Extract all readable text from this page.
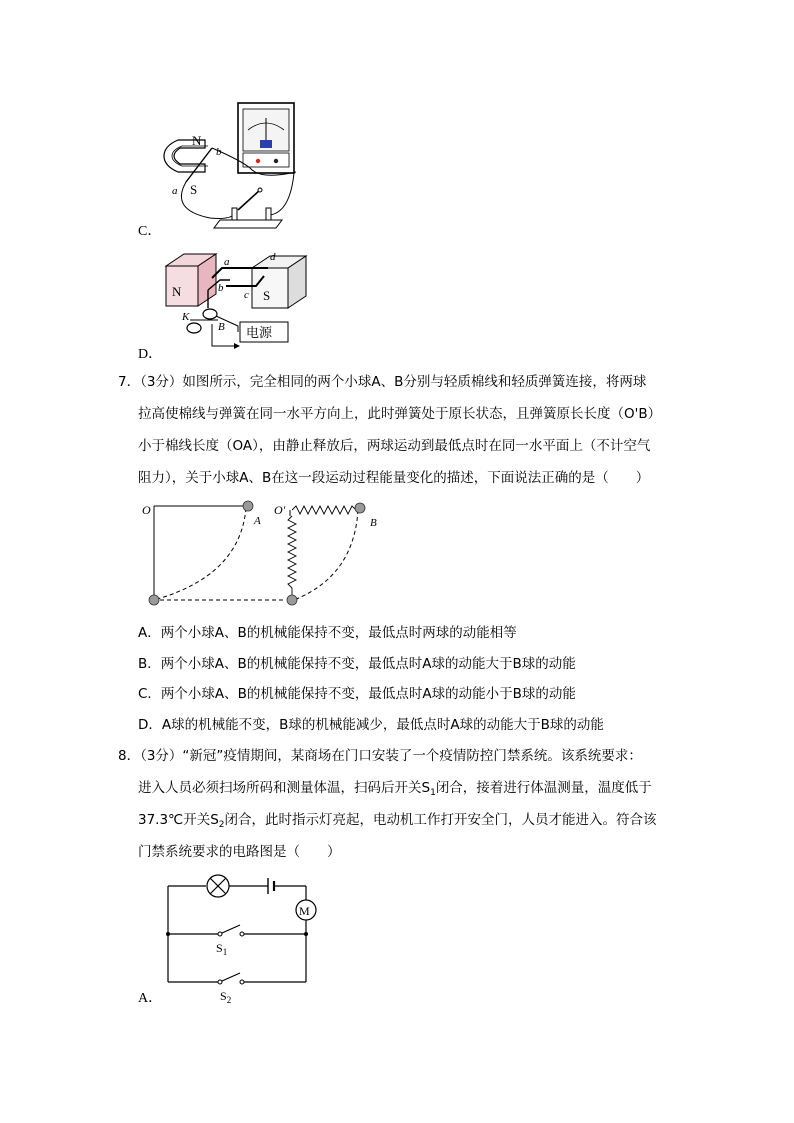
N
S
b
a
C．
电源
N	S
a	d
b
c
K
B
D．
7．（3分）如图所示，完全相同的两个小球A、B分别与轻质棉线和轻质弹簧连接，将两球
拉高使棉线与弹簧在同一水平方向上，此时弹簧处于原长状态，且弹簧原长长度（O'B）
小于棉线长度（OA），由静止释放后，两球运动到最低点时在同一水平面上（不计空气
阻力），关于小球A、B在这一段运动过程能量变化的描述，下面说法正确的是（　　）
O
A
O'
B
A．两个小球A、B的机械能保持不变，最低点时两球的动能相等
B．两个小球A、B的机械能保持不变，最低点时A球的动能大于B球的动能
C．两个小球A、B的机械能保持不变，最低点时A球的动能小于B球的动能
D．A球的机械能不变，B球的机械能减少，最低点时A球的动能大于B球的动能
8．（3分）“新冠”疫情期间，某商场在门口安装了一个疫情防控门禁系统。该系统要求：
进入人员必须扫场所码和测量体温，扫码后开关$S_1$闭合，接着进行体温测量，温度低于
37.3℃开关$S_2$闭合，此时指示灯亮起，电动机工作打开安全门，人员才能进入。符合该
门禁系统要求的电路图是（　　）
M
$S_1$
$S_2$
A．
